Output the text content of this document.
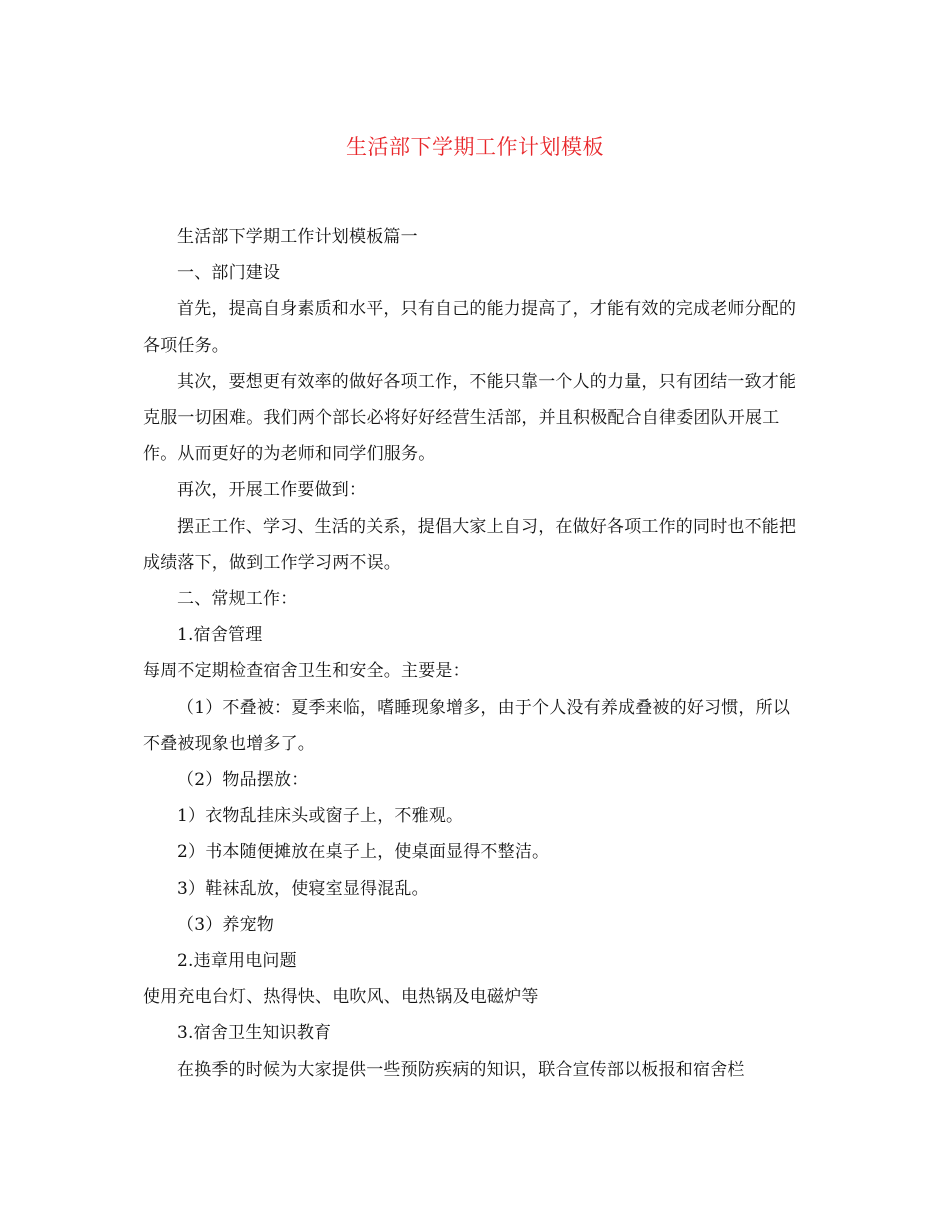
生活部下学期工作计划模板

生活部下学期工作计划模板篇一

一、部门建设

首先，提高自身素质和水平，只有自己的能力提高了，才能有效的完成老师分配的各项任务。

其次，要想更有效率的做好各项工作，不能只靠一个人的力量，只有团结一致才能克服一切困难。我们两个部长必将好好经营生活部，并且积极配合自律委团队开展工作。从而更好的为老师和同学们服务。

再次，开展工作要做到：

摆正工作、学习、生活的关系，提倡大家上自习，在做好各项工作的同时也不能把成绩落下，做到工作学习两不误。

二、常规工作：

1.宿舍管理

每周不定期检查宿舍卫生和安全。主要是：

（1）不叠被：夏季来临，嗜睡现象增多，由于个人没有养成叠被的好习惯，所以不叠被现象也增多了。

（2）物品摆放：

1）衣物乱挂床头或窗子上，不雅观。

2）书本随便摊放在桌子上，使桌面显得不整洁。

3）鞋袜乱放，使寝室显得混乱。

（3）养宠物

2.违章用电问题

使用充电台灯、热得快、电吹风、电热锅及电磁炉等

3.宿舍卫生知识教育

在换季的时候为大家提供一些预防疾病的知识，联合宣传部以板报和宿舍栏
